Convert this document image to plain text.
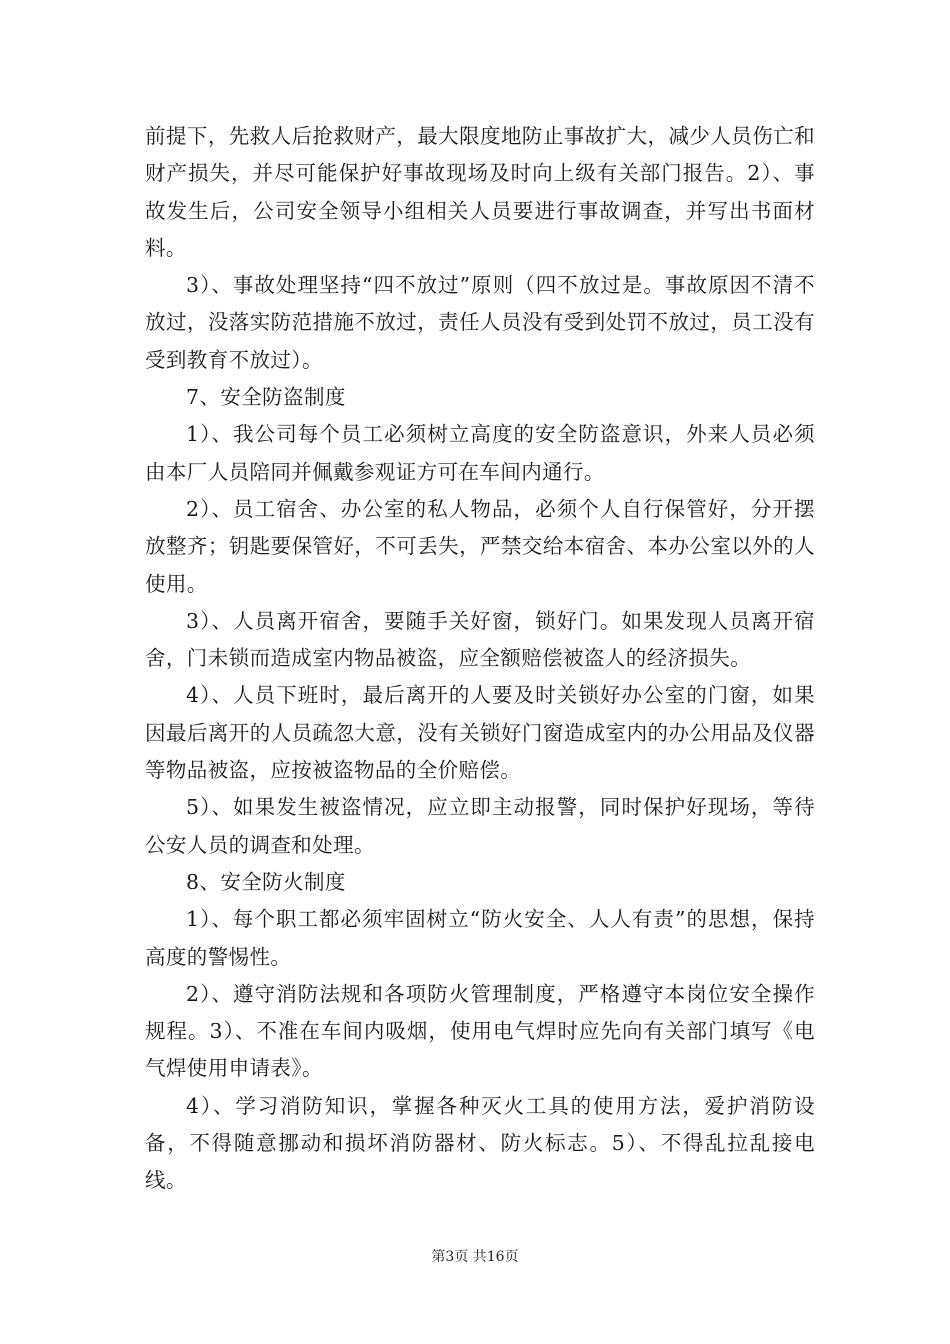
前提下，先救人后抢救财产，最大限度地防止事故扩大，减少人员伤亡和财产损失，并尽可能保护好事故现场及时向上级有关部门报告。2）、事故发生后，公司安全领导小组相关人员要进行事故调查，并写出书面材料。

3）、事故处理坚持“四不放过”原则（四不放过是。事故原因不清不放过，没落实防范措施不放过，责任人员没有受到处罚不放过，员工没有受到教育不放过）。

7、安全防盗制度

1）、我公司每个员工必须树立高度的安全防盗意识，外来人员必须由本厂人员陪同并佩戴参观证方可在车间内通行。

2）、员工宿舍、办公室的私人物品，必须个人自行保管好，分开摆放整齐；钥匙要保管好，不可丢失，严禁交给本宿舍、本办公室以外的人使用。

3）、人员离开宿舍，要随手关好窗，锁好门。如果发现人员离开宿舍，门未锁而造成室内物品被盗，应全额赔偿被盗人的经济损失。

4）、人员下班时，最后离开的人要及时关锁好办公室的门窗，如果因最后离开的人员疏忽大意，没有关锁好门窗造成室内的办公用品及仪器等物品被盗，应按被盗物品的全价赔偿。

5）、如果发生被盗情况，应立即主动报警，同时保护好现场，等待公安人员的调查和处理。

8、安全防火制度

1）、每个职工都必须牢固树立“防火安全、人人有责”的思想，保持高度的警惕性。

2）、遵守消防法规和各项防火管理制度，严格遵守本岗位安全操作规程。3）、不准在车间内吸烟，使用电气焊时应先向有关部门填写《电气焊使用申请表》。

4）、学习消防知识，掌握各种灭火工具的使用方法，爱护消防设备，不得随意挪动和损坏消防器材、防火标志。5）、不得乱拉乱接电线。

第3页 共16页
